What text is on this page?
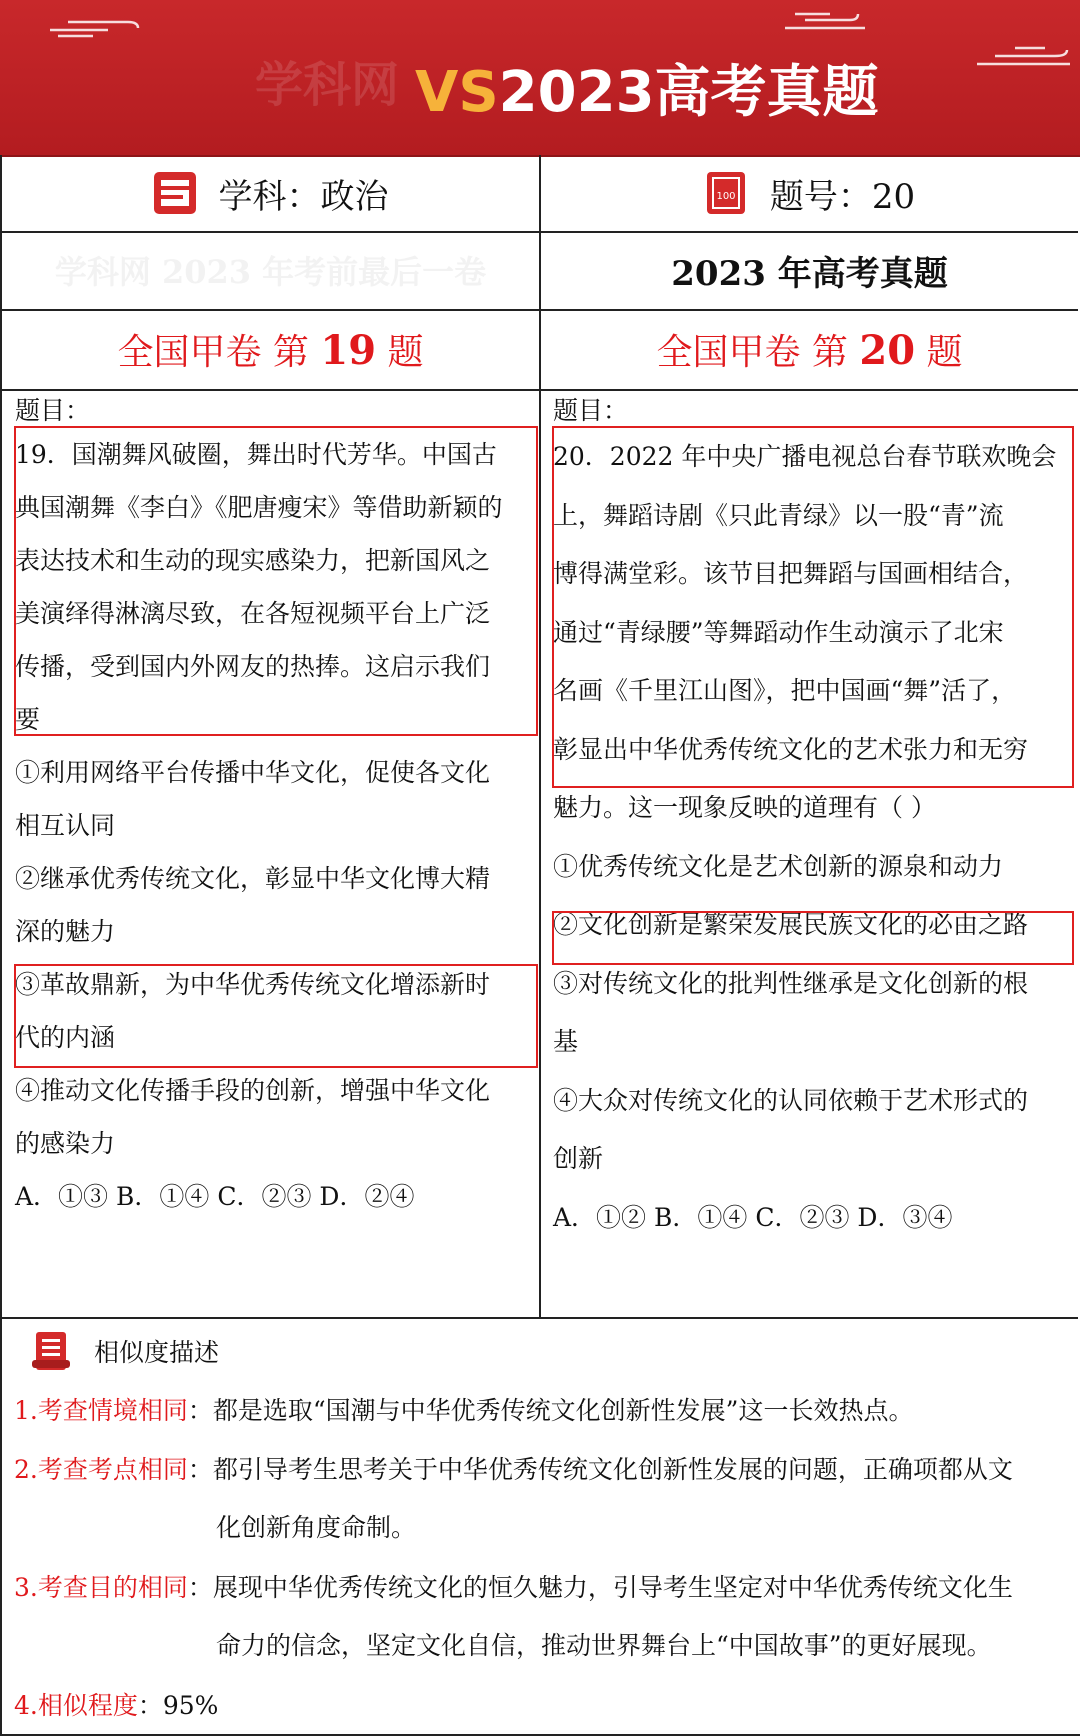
学科网 VS2023高考真题
学科：政治	100 题号：20
学科网 2023 年考前最后一卷	2023 年高考真题
全国甲卷 第 19 题	全国甲卷 第 20 题

题目：

19．国潮舞风破圈，舞出时代芳华。中国古

典国潮舞《李白》《肥唐瘦宋》等借助新颖的

表达技术和生动的现实感染力，把新国风之

美演绎得淋漓尽致，在各短视频平台上广泛

传播，受到国内外网友的热捧。这启示我们

要

①利用网络平台传播中华文化，促使各文化

相互认同

②继承优秀传统文化，彰显中华文化博大精

深的魅力

③革故鼎新，为中华优秀传统文化增添新时

代的内涵

④推动文化传播手段的创新，增强中华文化

的感染力

A．①③ B．①④ C．②③ D．②④

题目：

20．2022 年中央广播电视总台春节联欢晚会

上，舞蹈诗剧《只此青绿》以一股“青”流

博得满堂彩。该节目把舞蹈与国画相结合，

通过“青绿腰”等舞蹈动作生动演示了北宋

名画《千里江山图》，把中国画“舞”活了，

彰显出中华优秀传统文化的艺术张力和无穷

魅力。这一现象反映的道理有（ ）

①优秀传统文化是艺术创新的源泉和动力

②文化创新是繁荣发展民族文化的必由之路

③对传统文化的批判性继承是文化创新的根

基

④大众对传统文化的认同依赖于艺术形式的

创新

A．①② B．①④ C．②③ D．③④

相似度描述
1.考查情境相同：都是选取“国潮与中华优秀传统文化创新性发展”这一长效热点。
2.考查考点相同：都引导考生思考关于中华优秀传统文化创新性发展的问题，正确项都从文
化创新角度命制。
3.考查目的相同：展现中华优秀传统文化的恒久魅力，引导考生坚定对中华优秀传统文化生
命力的信念，坚定文化自信，推动世界舞台上“中国故事”的更好展现。
4.相似程度：95%
